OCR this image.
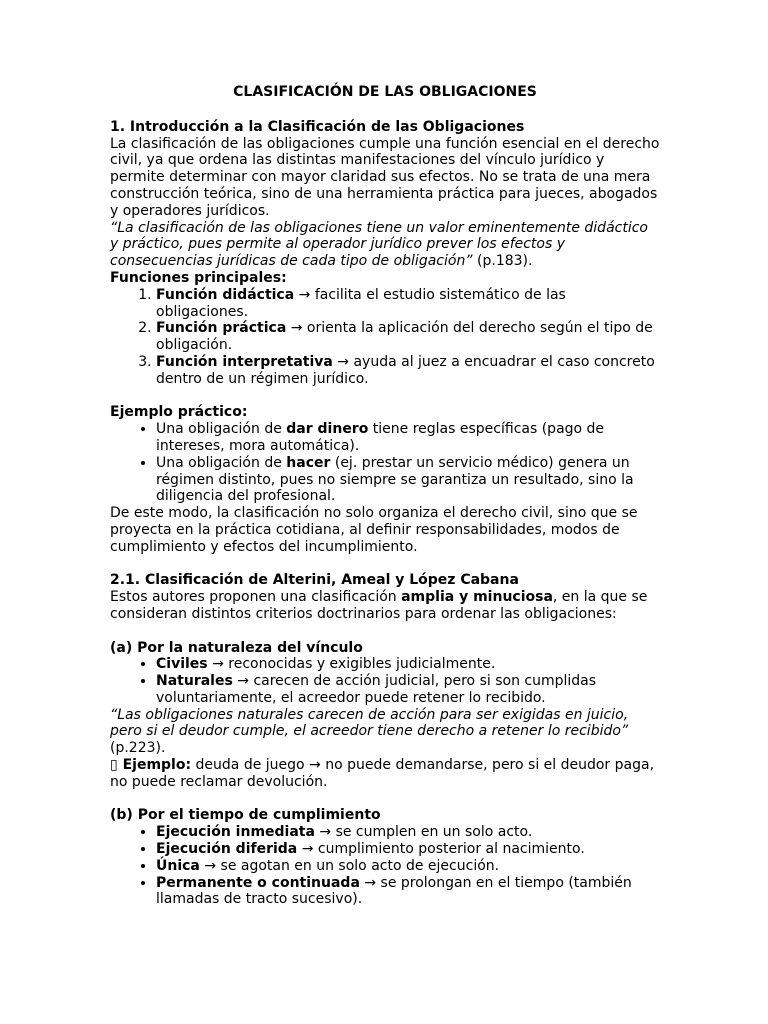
CLASIFICACIÓN DE LAS OBLIGACIONES
1. Introducción a la Clasificación de las Obligaciones

La clasificación de las obligaciones cumple una función esencial en el derecho civil, ya que ordena las distintas manifestaciones del vínculo jurídico y permite determinar con mayor claridad sus efectos. No se trata de una mera construcción teórica, sino de una herramienta práctica para jueces, abogados y operadores jurídicos.

“La clasificación de las obligaciones tiene un valor eminentemente didáctico y práctico, pues permite al operador jurídico prever los efectos y consecuencias jurídicas de cada tipo de obligación” (p.183).

Funciones principales:
1. Función didáctica → facilita el estudio sistemático de las obligaciones.
2. Función práctica → orienta la aplicación del derecho según el tipo de obligación.
3. Función interpretativa → ayuda al juez a encuadrar el caso concreto dentro de un régimen jurídico.
Ejemplo práctico:
• Una obligación de dar dinero tiene reglas específicas (pago de intereses, mora automática).
• Una obligación de hacer (ej. prestar un servicio médico) genera un régimen distinto, pues no siempre se garantiza un resultado, sino la diligencia del profesional.

De este modo, la clasificación no solo organiza el derecho civil, sino que se proyecta en la práctica cotidiana, al definir responsabilidades, modos de cumplimiento y efectos del incumplimiento.

2.1. Clasificación de Alterini, Ameal y López Cabana

Estos autores proponen una clasificación amplia y minuciosa, en la que se consideran distintos criterios doctrinarios para ordenar las obligaciones:

(a) Por la naturaleza del vínculo
• Civiles → reconocidas y exigibles judicialmente.
• Naturales → carecen de acción judicial, pero si son cumplidas voluntariamente, el acreedor puede retener lo recibido.

“Las obligaciones naturales carecen de acción para ser exigidas en juicio, pero si el deudor cumple, el acreedor tiene derecho a retener lo recibido” (p.223).

▯ Ejemplo: deuda de juego → no puede demandarse, pero si el deudor paga, no puede reclamar devolución.

(b) Por el tiempo de cumplimiento
• Ejecución inmediata → se cumplen en un solo acto.
• Ejecución diferida → cumplimiento posterior al nacimiento.
• Única → se agotan en un solo acto de ejecución.
• Permanente o continuada → se prolongan en el tiempo (también llamadas de tracto sucesivo).
